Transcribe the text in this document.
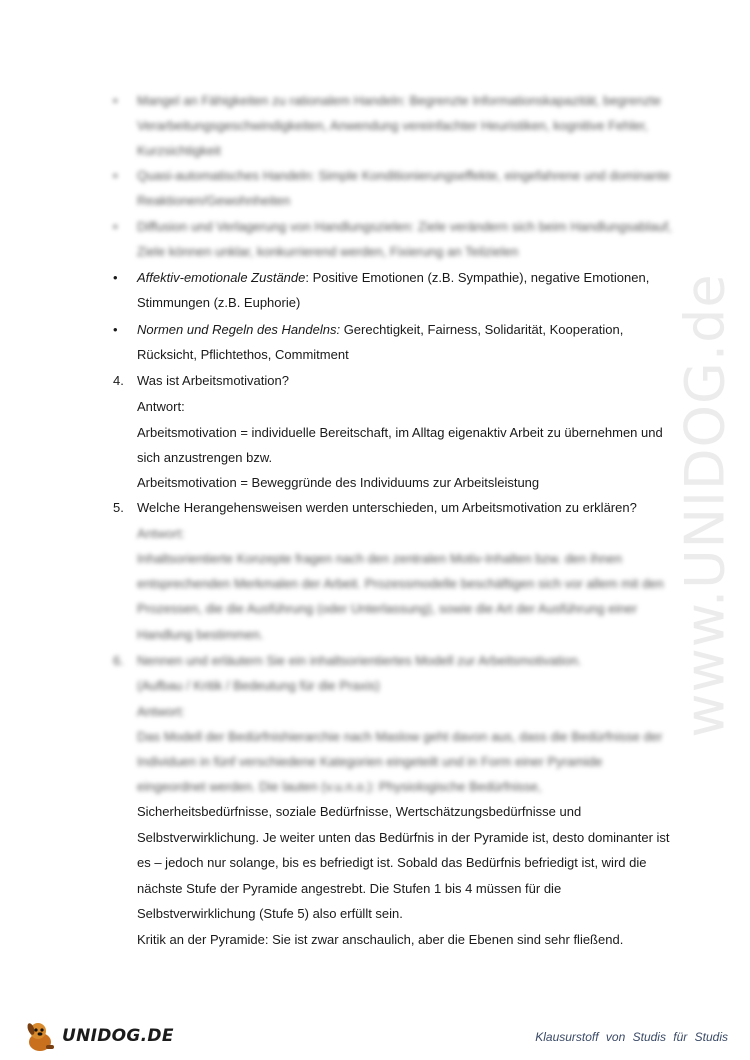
www.UNIDOG.de
• Mangel an Fähigkeiten zu rationalem Handeln: Begrenzte Informationskapazität, begrenzte
Verarbeitungsgeschwindigkeiten, Anwendung vereinfachter Heuristiken, kognitive Fehler,
Kurzsichtigkeit
• Quasi-automatisches Handeln: Simple Konditionierungseffekte, eingefahrene und dominante
Reaktionen/Gewohnheiten
• Diffusion und Verlagerung von Handlungszielen: Ziele verändern sich beim Handlungsablauf,
Ziele können unklar, konkurrierend werden, Fixierung an Teilzielen
• Affektiv-emotionale Zustände: Positive Emotionen (z.B. Sympathie), negative Emotionen,
Stimmungen (z.B. Euphorie)
• Normen und Regeln des Handelns: Gerechtigkeit, Fairness, Solidarität, Kooperation,
Rücksicht, Pflichtethos, Commitment
4. Was ist Arbeitsmotivation?
Antwort:
Arbeitsmotivation = individuelle Bereitschaft, im Alltag eigenaktiv Arbeit zu übernehmen und
sich anzustrengen bzw.
Arbeitsmotivation = Beweggründe des Individuums zur Arbeitsleistung
5. Welche Herangehensweisen werden unterschieden, um Arbeitsmotivation zu erklären?
Antwort:
Inhaltsorientierte Konzepte fragen nach den zentralen Motiv-Inhalten bzw. den ihnen
entsprechenden Merkmalen der Arbeit. Prozessmodelle beschäftigen sich vor allem mit den
Prozessen, die die Ausführung (oder Unterlassung), sowie die Art der Ausführung einer
Handlung bestimmen.
6. Nennen und erläutern Sie ein inhaltsorientiertes Modell zur Arbeitsmotivation.
(Aufbau / Kritik / Bedeutung für die Praxis)
Antwort:
Das Modell der Bedürfnishierarchie nach Maslow geht davon aus, dass die Bedürfnisse der
Individuen in fünf verschiedene Kategorien eingeteilt und in Form einer Pyramide
eingeordnet werden. Die lauten (v.u.n.o.): Physiologische Bedürfnisse,
Sicherheitsbedürfnisse, soziale Bedürfnisse, Wertschätzungsbedürfnisse und
Selbstverwirklichung. Je weiter unten das Bedürfnis in der Pyramide ist, desto dominanter ist
es – jedoch nur solange, bis es befriedigt ist. Sobald das Bedürfnis befriedigt ist, wird die
nächste Stufe der Pyramide angestrebt. Die Stufen 1 bis 4 müssen für die
Selbstverwirklichung (Stufe 5) also erfüllt sein.
Kritik an der Pyramide: Sie ist zwar anschaulich, aber die Ebenen sind sehr fließend.
UNIDOG.DE	Klausurstoff von Studis für Studis
